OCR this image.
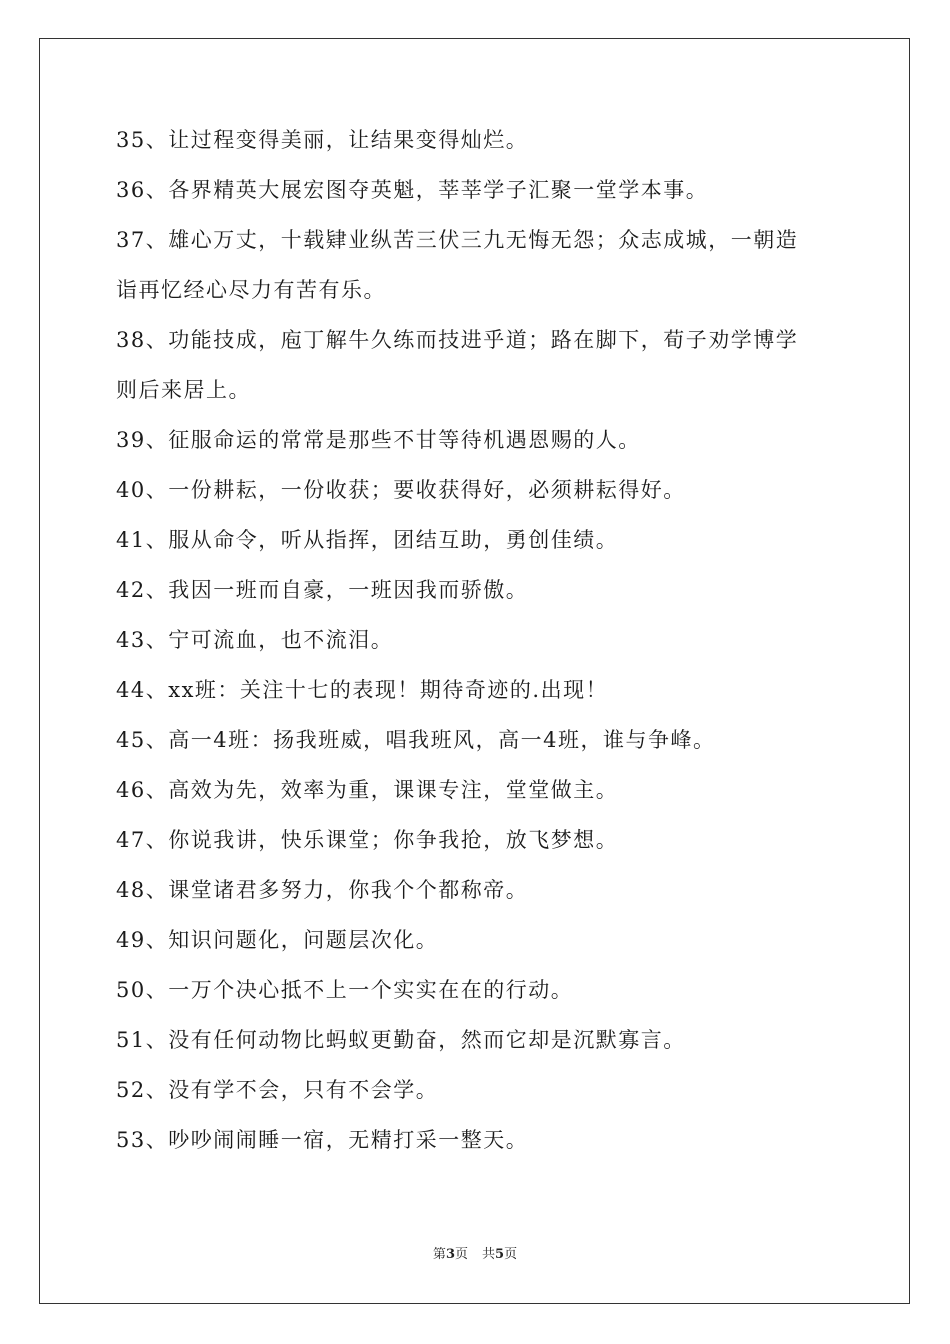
35、让过程变得美丽，让结果变得灿烂。
36、各界精英大展宏图夺英魁，莘莘学子汇聚一堂学本事。
37、雄心万丈，十载肄业纵苦三伏三九无悔无怨；众志成城，一朝造
诣再忆经心尽力有苦有乐。
38、功能技成，庖丁解牛久练而技进乎道；路在脚下，荀子劝学博学
则后来居上。
39、征服命运的常常是那些不甘等待机遇恩赐的人。
40、一份耕耘，一份收获；要收获得好，必须耕耘得好。
41、服从命令，听从指挥，团结互助，勇创佳绩。
42、我因一班而自豪，一班因我而骄傲。
43、宁可流血，也不流泪。
44、xx班：关注十七的表现！期待奇迹的.出现！
45、高一4班：扬我班威，唱我班风，高一4班，谁与争峰。
46、高效为先，效率为重，课课专注，堂堂做主。
47、你说我讲，快乐课堂；你争我抢，放飞梦想。
48、课堂诸君多努力，你我个个都称帝。
49、知识问题化，问题层次化。
50、一万个决心抵不上一个实实在在的行动。
51、没有任何动物比蚂蚁更勤奋，然而它却是沉默寡言。
52、没有学不会，只有不会学。
53、吵吵闹闹睡一宿，无精打采一整天。
第3页 共5页
